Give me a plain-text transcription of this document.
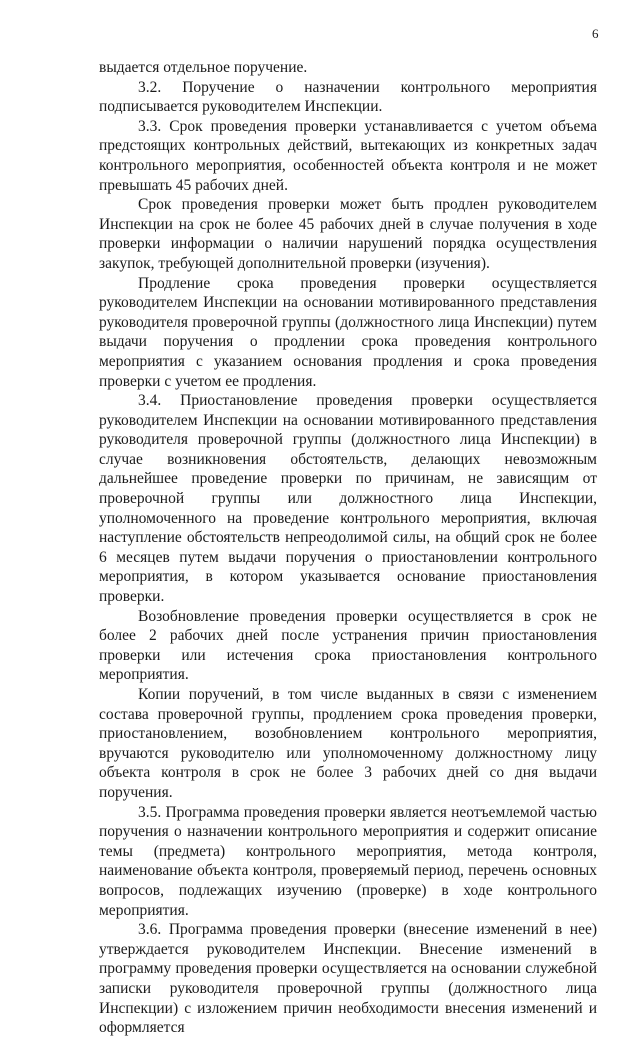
6

выдается отдельное поручение.

3.2. Поручение о назначении контрольного мероприятия подписывается руководителем Инспекции.

3.3. Срок проведения проверки устанавливается с учетом объема предстоящих контрольных действий, вытекающих из конкретных задач контрольного мероприятия, особенностей объекта контроля и не может превышать 45 рабочих дней.

Срок проведения проверки может быть продлен руководителем Инспекции на срок не более 45 рабочих дней в случае получения в ходе проверки информации о наличии нарушений порядка осуществления закупок, требующей дополнительной проверки (изучения).

Продление срока проведения проверки осуществляется руководителем Инспекции на основании мотивированного представления руководителя проверочной группы (должностного лица Инспекции) путем выдачи поручения о продлении срока проведения контрольного мероприятия с указанием основания продления и срока проведения проверки с учетом ее продления.

3.4. Приостановление проведения проверки осуществляется руководителем Инспекции на основании мотивированного представления руководителя проверочной группы (должностного лица Инспекции) в случае возникновения обстоятельств, делающих невозможным дальнейшее проведение проверки по причинам, не зависящим от проверочной группы или должностного лица Инспекции, уполномоченного на проведение контрольного мероприятия, включая наступление обстоятельств непреодолимой силы, на общий срок не более 6 месяцев путем выдачи поручения о приостановлении контрольного мероприятия, в котором указывается основание приостановления проверки.

Возобновление проведения проверки осуществляется в срок не более 2 рабочих дней после устранения причин приостановления проверки или истечения срока приостановления контрольного мероприятия.

Копии поручений, в том числе выданных в связи с изменением состава проверочной группы, продлением срока проведения проверки, приостановлением, возобновлением контрольного мероприятия, вручаются руководителю или уполномоченному должностному лицу объекта контроля в срок не более 3 рабочих дней со дня выдачи поручения.

3.5. Программа проведения проверки является неотъемлемой частью поручения о назначении контрольного мероприятия и содержит описание темы (предмета) контрольного мероприятия, метода контроля, наименование объекта контроля, проверяемый период, перечень основных вопросов, подлежащих изучению (проверке) в ходе контрольного мероприятия.

3.6. Программа проведения проверки (внесение изменений в нее) утверждается руководителем Инспекции. Внесение изменений в программу проведения проверки осуществляется на основании служебной записки руководителя проверочной группы (должностного лица Инспекции) с изложением причин необходимости внесения изменений и оформляется
